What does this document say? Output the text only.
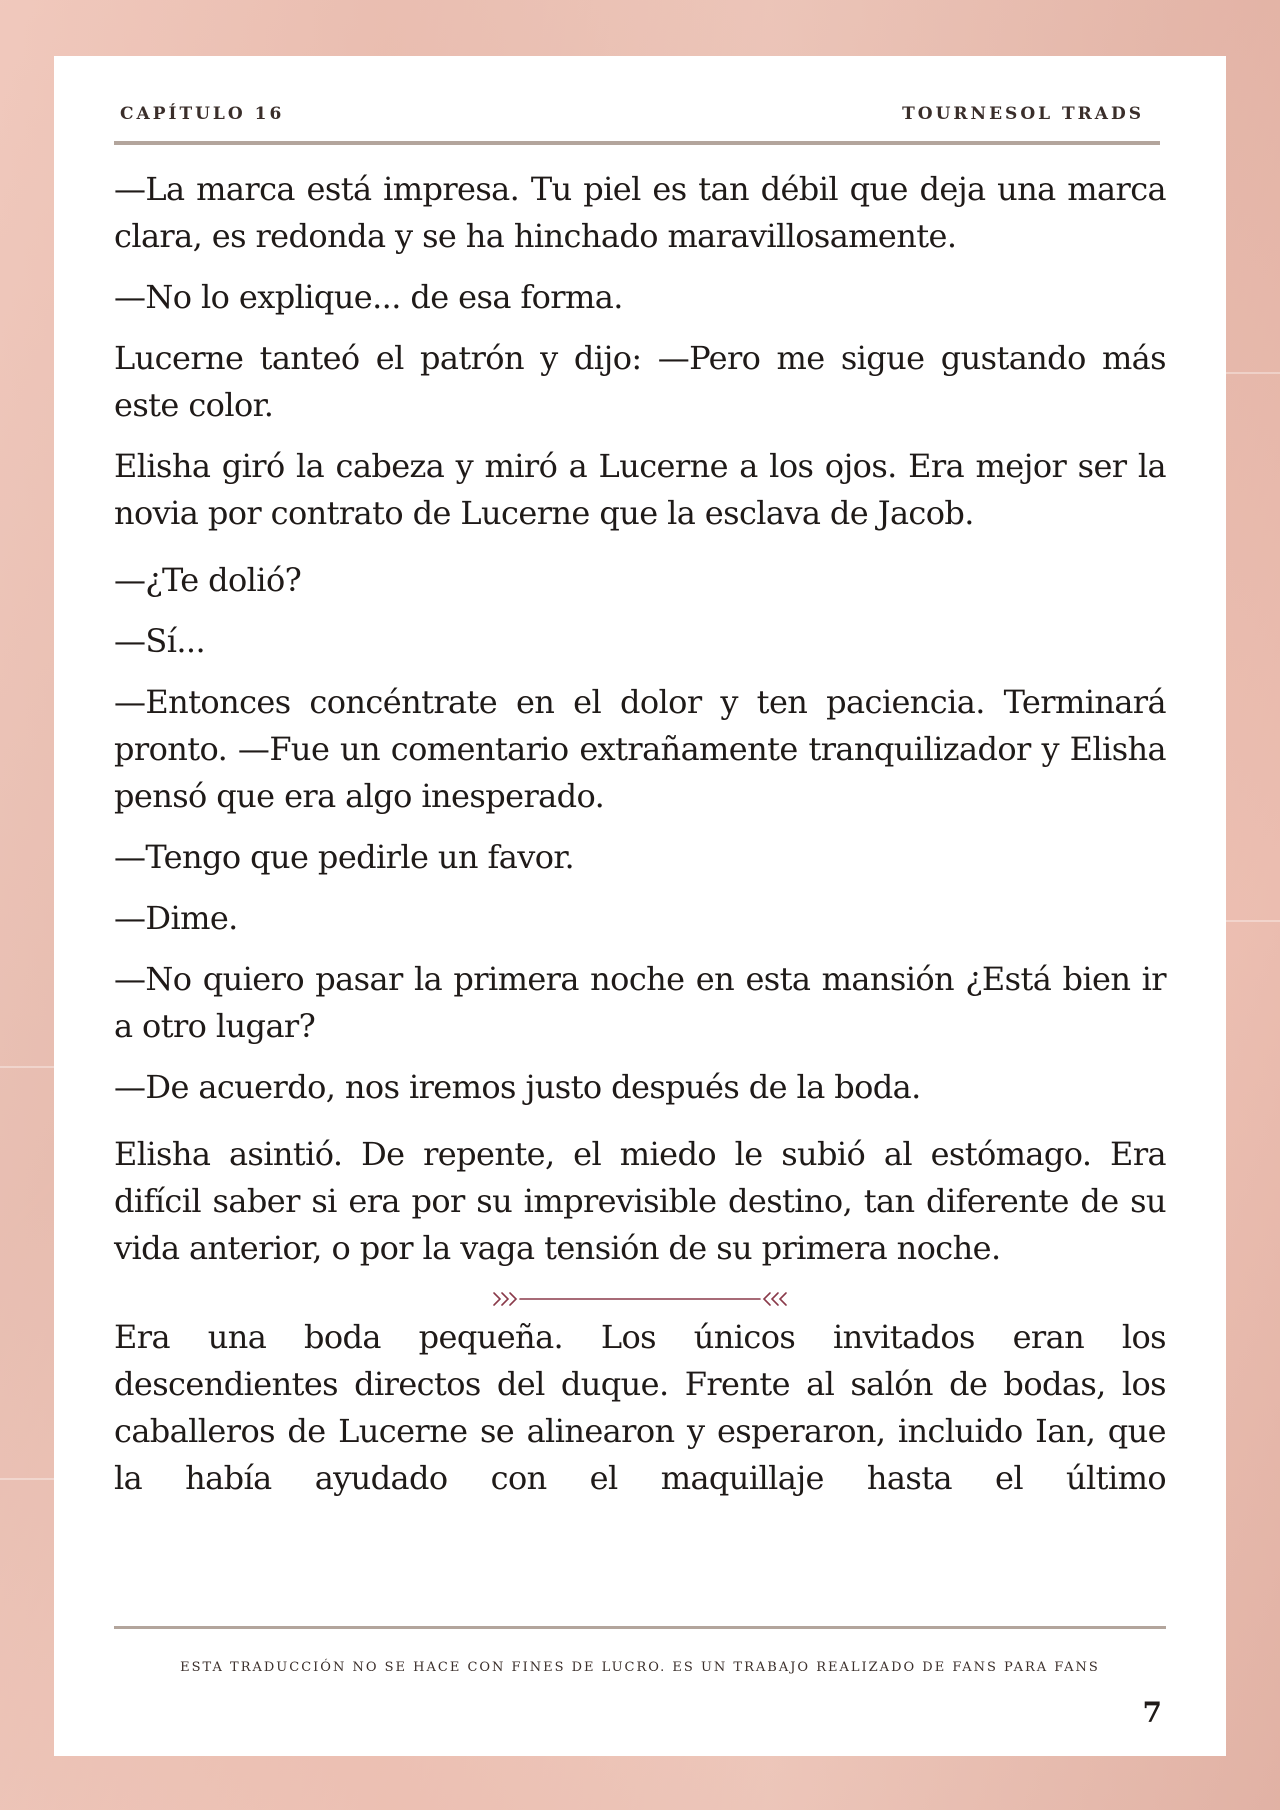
CAPÍTULO 16	TOURNESOL TRADS

—La marca está impresa. Tu piel es tan débil que deja una marca clara, es redonda y se ha hinchado maravillosamente.

—No lo explique... de esa forma.

Lucerne tanteó el patrón y dijo: —Pero me sigue gustando más este color.

Elisha giró la cabeza y miró a Lucerne a los ojos. Era mejor ser la novia por contrato de Lucerne que la esclava de Jacob.

—¿Te dolió?

—Sí...

—Entonces concéntrate en el dolor y ten paciencia. Terminará pronto. —Fue un comentario extrañamente tranquilizador y Elisha pensó que era algo inesperado.

—Tengo que pedirle un favor.

—Dime.

—No quiero pasar la primera noche en esta mansión ¿Está bien ir a otro lugar?

—De acuerdo, nos iremos justo después de la boda.

Elisha asintió. De repente, el miedo le subió al estómago. Era difícil saber si era por su imprevisible destino, tan diferente de su vida anterior, o por la vaga tensión de su primera noche.

Era una boda pequeña. Los únicos invitados eran los descendientes directos del duque. Frente al salón de bodas, los caballeros de Lucerne se alinearon y esperaron, incluido Ian, que la había ayudado con el maquillaje hasta el último

ESTA TRADUCCIÓN NO SE HACE CON FINES DE LUCRO. ES UN TRABAJO REALIZADO DE FANS PARA FANS
7
